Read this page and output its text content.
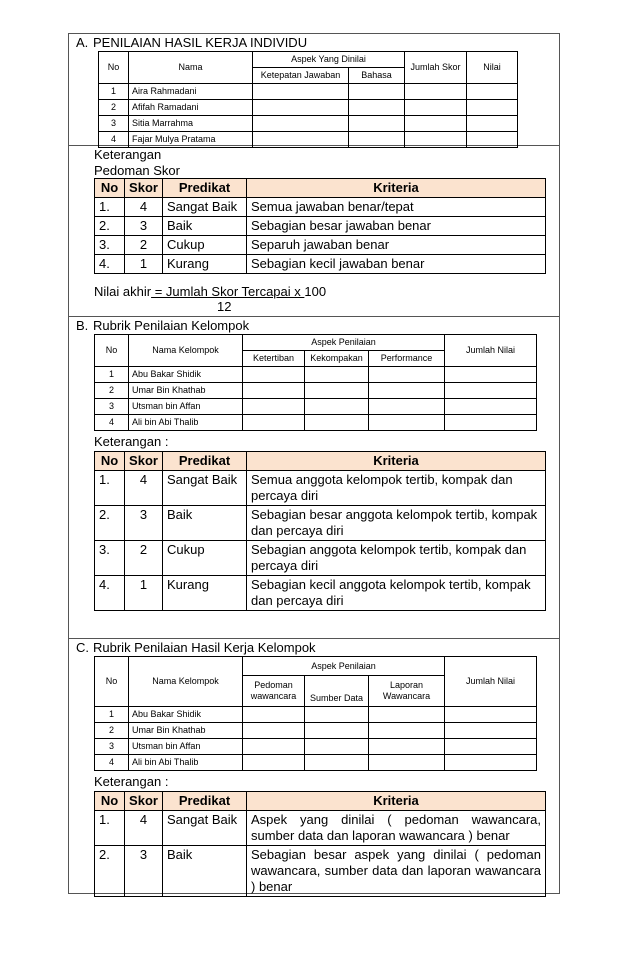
A. PENILAIAN HASIL KERJA INDIVIDU
No	Nama	Aspek Yang Dinilai		Jumlah Skor	Nilai
		Ketepatan Jawaban	Bahasa		
1	Aira Rahmadani				
2	Afifah Ramadani				
3	Sitia Marrahma				
4	Fajar Mulya Pratama				
Keterangan
Pedoman Skor
No	Skor	Predikat	Kriteria
1.	4	Sangat Baik	Semua jawaban benar/tepat
2.	3	Baik	Sebagian besar jawaban benar
3.	2	Cukup	Separuh jawaban benar
4.	1	Kurang	Sebagian kecil jawaban benar
Nilai akhir = Jumlah Skor Tercapai x 100
12
B. Rubrik Penilaian Kelompok
No	Nama Kelompok	Aspek Penilaian			Jumlah Nilai
		Ketertiban	Kekompakan	Performance	
1	Abu Bakar Shidik				
2	Umar Bin Khathab				
3	Utsman bin Affan				
4	Ali bin Abi Thalib				
Keterangan :
No	Skor	Predikat	Kriteria
1.	4	Sangat Baik	Semua anggota kelompok tertib, kompak dan percaya diri
2.	3	Baik	Sebagian besar anggota kelompok tertib, kompak dan percaya diri
3.	2	Cukup	Sebagian anggota kelompok tertib, kompak dan percaya diri
4.	1	Kurang	Sebagian kecil anggota kelompok tertib, kompak dan percaya diri
C. Rubrik Penilaian Hasil Kerja Kelompok
No	Nama Kelompok	Aspek Penilaian			Jumlah Nilai
		Pedoman wawancara	Sumber Data	Laporan Wawancara	
1	Abu Bakar Shidik				
2	Umar Bin Khathab				
3	Utsman bin Affan				
4	Ali bin Abi Thalib				
Keterangan :
No	Skor	Predikat	Kriteria
1.	4	Sangat Baik	Aspek yang dinilai ( pedoman wawancara, sumber data dan laporan wawancara ) benar
2.	3	Baik	Sebagian besar aspek yang dinilai ( pedoman wawancara, sumber data dan laporan wawancara ) benar
